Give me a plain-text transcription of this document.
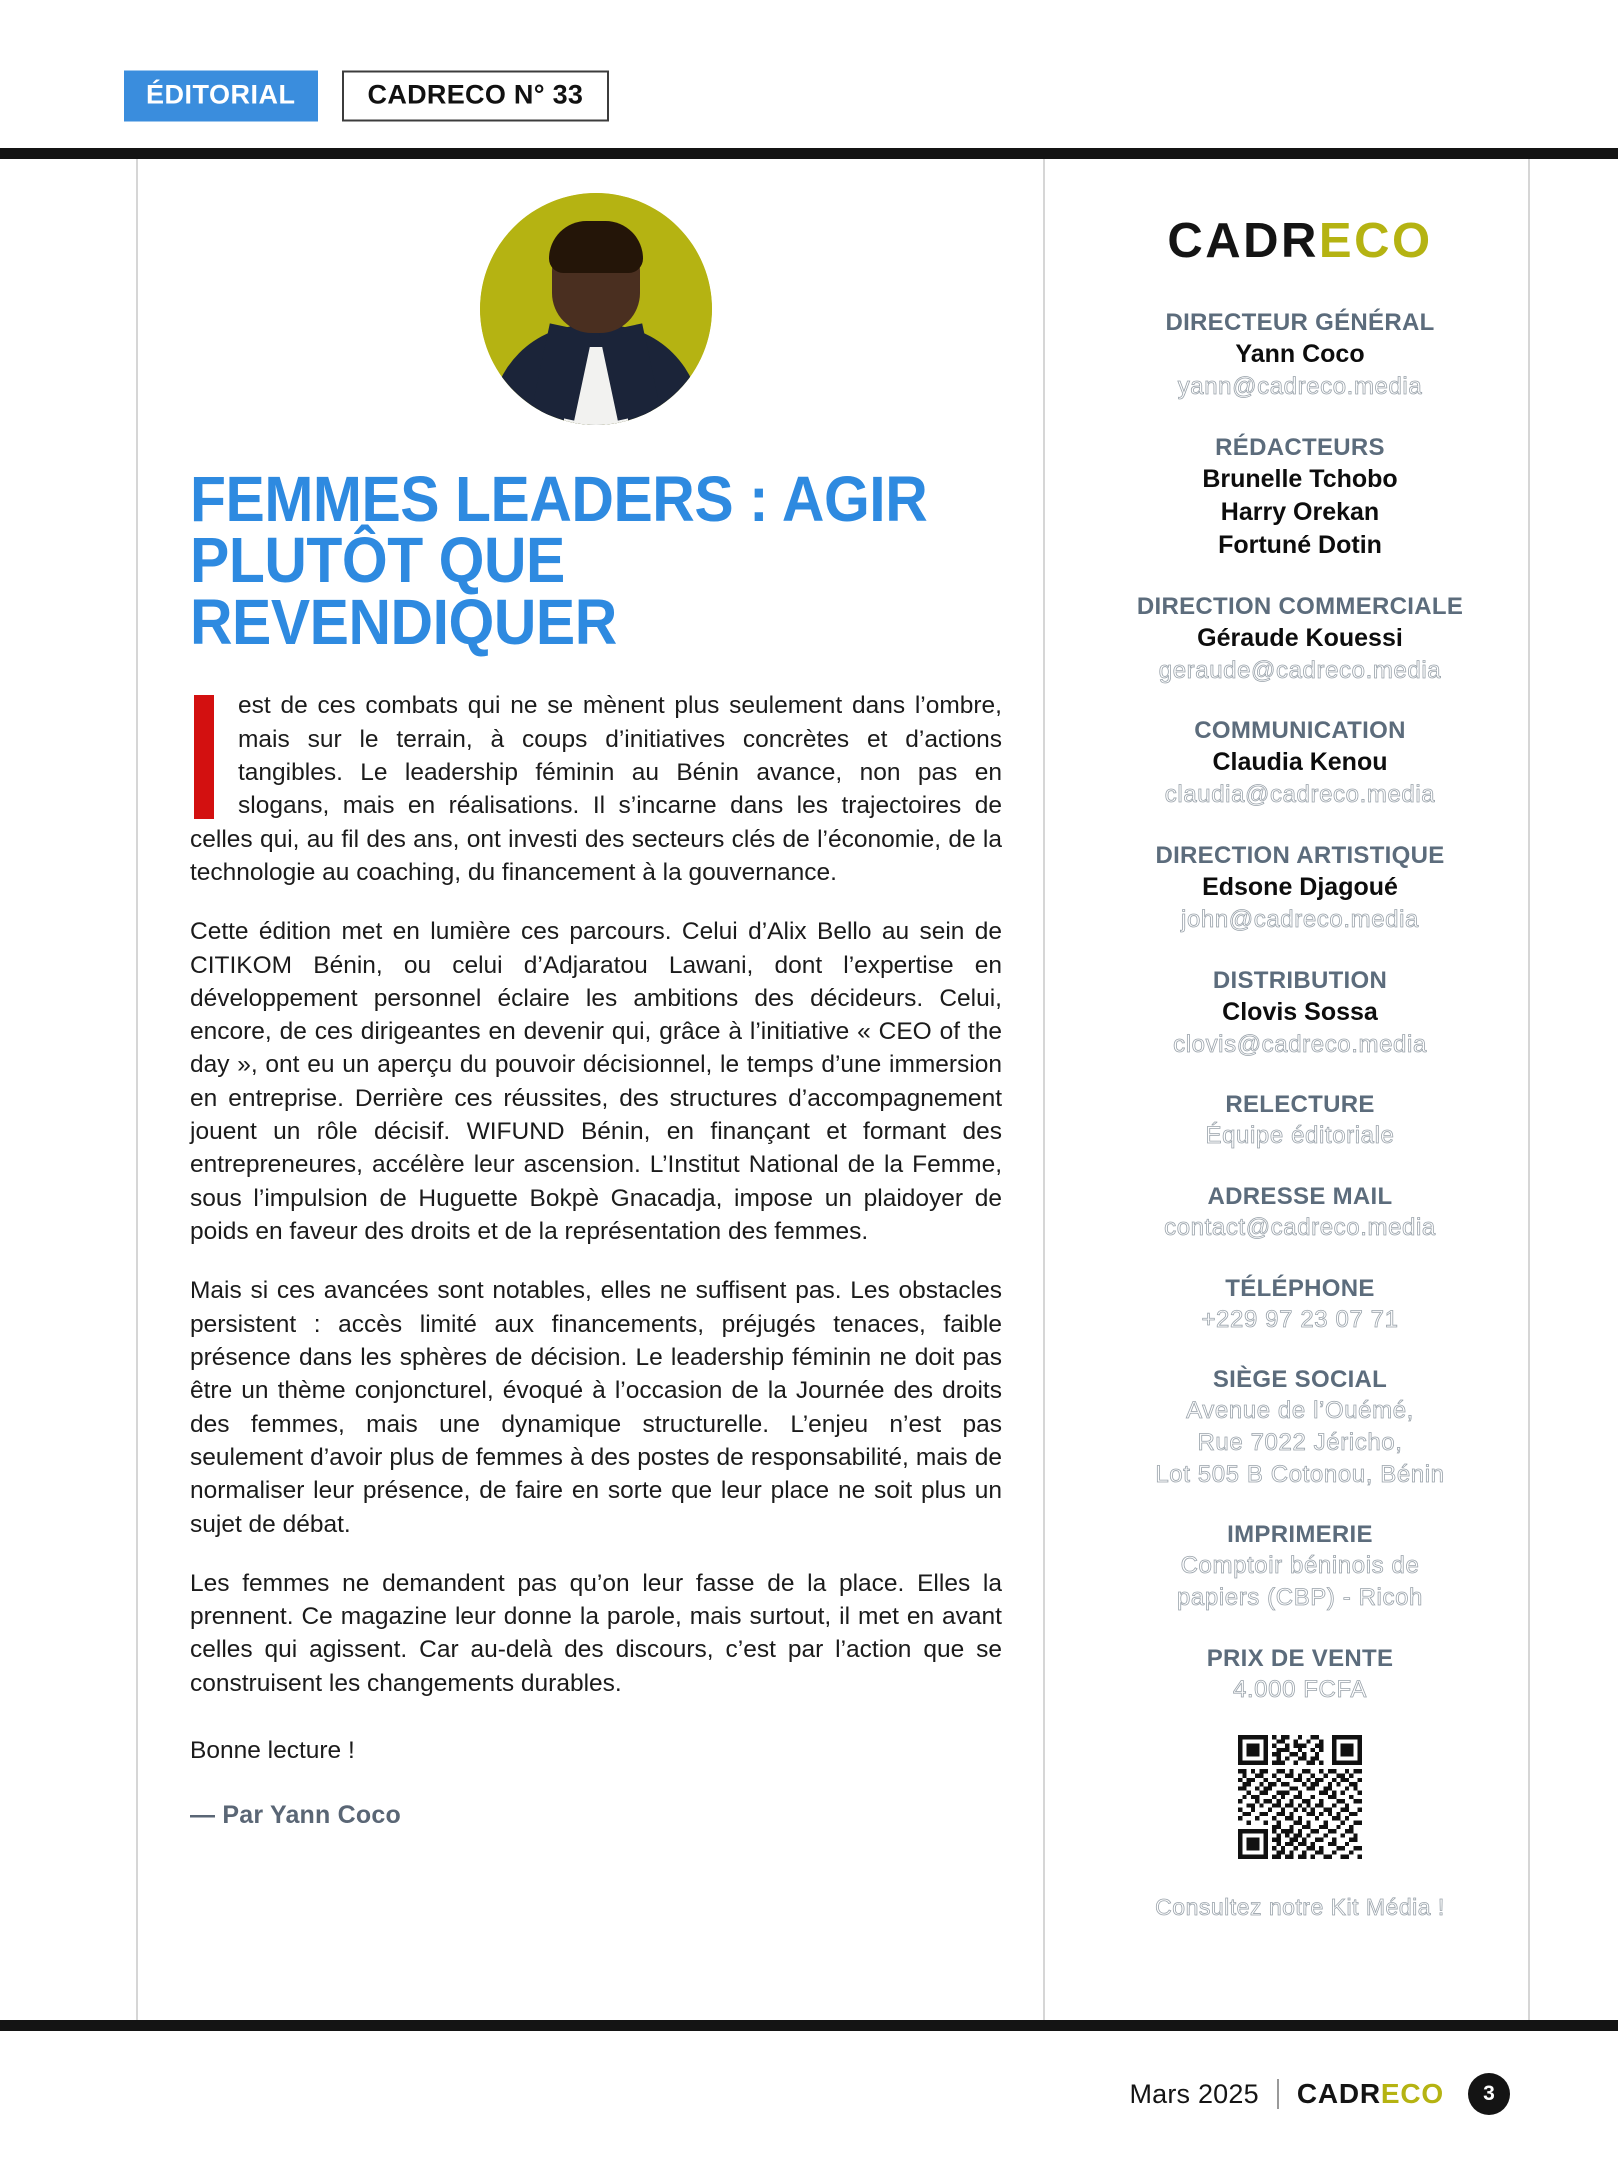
ÉDITORIAL	CADRECO N° 33
FEMMES LEADERS : AGIR
PLUTÔT QUE REVENDIQUER

est de ces combats qui ne se mènent plus seulement dans l’ombre, mais sur le terrain, à coups d’initiatives concrètes et d’actions tangibles. Le leadership féminin au Bénin avance, non pas en slogans, mais en réalisations. Il s’incarne dans les trajectoires de celles qui, au fil des ans, ont investi des secteurs clés de l’économie, de la technologie au coaching, du financement à la gouvernance.

Cette édition met en lumière ces parcours. Celui d’Alix Bello au sein de CITIKOM Bénin, ou celui d’Adjaratou Lawani, dont l’expertise en développement personnel éclaire les ambitions des décideurs. Celui, encore, de ces dirigeantes en devenir qui, grâce à l’initiative « CEO of the day », ont eu un aperçu du pouvoir décisionnel, le temps d’une immersion en entreprise. Derrière ces réussites, des structures d’accompagnement jouent un rôle décisif. WIFUND Bénin, en finançant et formant des entrepreneures, accélère leur ascension. L’Institut National de la Femme, sous l’impulsion de Huguette Bokpè Gnacadja, impose un plaidoyer de poids en faveur des droits et de la représentation des femmes.

Mais si ces avancées sont notables, elles ne suffisent pas. Les obstacles persistent : accès limité aux financements, préjugés tenaces, faible présence dans les sphères de décision. Le leadership féminin ne doit pas être un thème conjoncturel, évoqué à l’occasion de la Journée des droits des femmes, mais une dynamique structurelle. L’enjeu n’est pas seulement d’avoir plus de femmes à des postes de responsabilité, mais de normaliser leur présence, de faire en sorte que leur place ne soit plus un sujet de débat.

Les femmes ne demandent pas qu’on leur fasse de la place. Elles la prennent. Ce magazine leur donne la parole, mais surtout, il met en avant celles qui agissent. Car au-delà des discours, c’est par l’action que se construisent les changements durables.

Bonne lecture !
— Par Yann Coco
CADRECO
DIRECTEUR GÉNÉRAL
Yann Coco
yann@cadreco.media
RÉDACTEURS
Brunelle Tchobo
Harry Orekan
Fortuné Dotin
DIRECTION COMMERCIALE
Géraude Kouessi
geraude@cadreco.media
COMMUNICATION
Claudia Kenou
claudia@cadreco.media
DIRECTION ARTISTIQUE
Edsone Djagoué
john@cadreco.media
DISTRIBUTION
Clovis Sossa
clovis@cadreco.media
RELECTURE
Équipe éditoriale
ADRESSE MAIL
contact@cadreco.media
TÉLÉPHONE
+229 97 23 07 71
SIÈGE SOCIAL
Avenue de l’Ouémé,
Rue 7022 Jéricho,
Lot 505 B Cotonou, Bénin
IMPRIMERIE
Comptoir béninois de
papiers (CBP) - Ricoh
PRIX DE VENTE
4.000 FCFA
Consultez notre Kit Média !
Mars 2025 CADRECO	3
